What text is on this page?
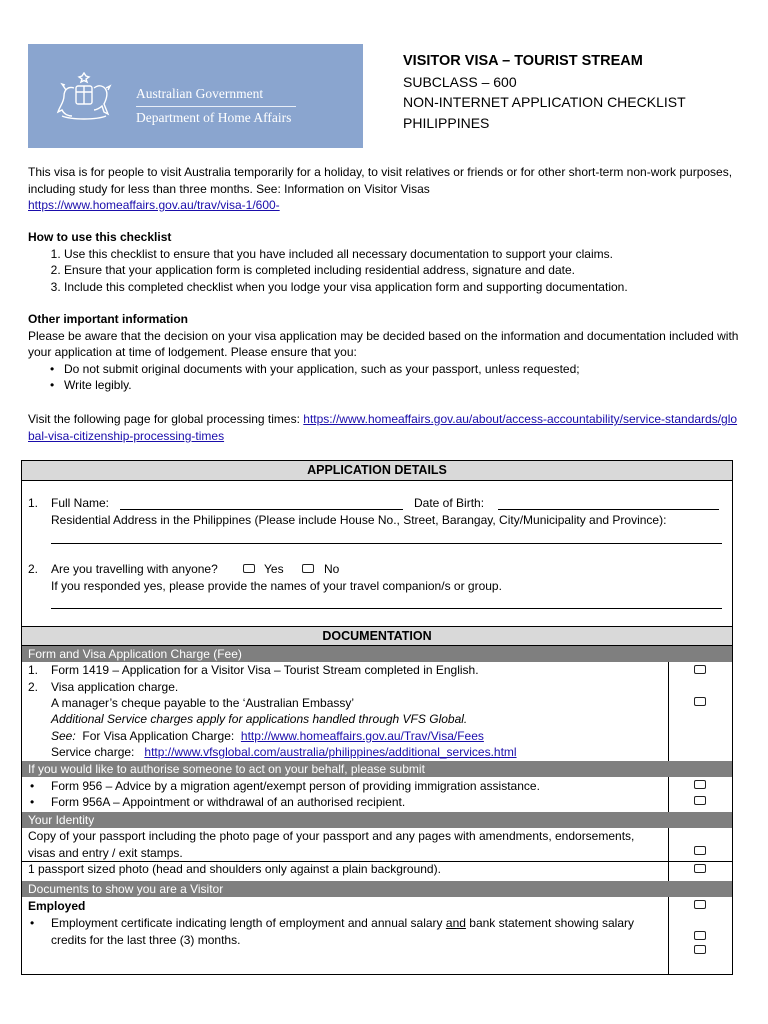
Australian Government
Department of Home Affairs
VISITOR VISA – TOURIST STREAM
SUBCLASS – 600
NON-INTERNET APPLICATION CHECKLIST
PHILIPPINES

This visa is for people to visit Australia temporarily for a holiday, to visit relatives or friends or for other short-term non-work purposes, including study for less than three months. See: Information on Visitor Visas
https://www.homeaffairs.gov.au/trav/visa-1/600-

How to use this checklist

1. Use this checklist to ensure that you have included all necessary documentation to support your claims.
2. Ensure that your application form is completed including residential address, signature and date.
3. Include this completed checklist when you lodge your visa application form and supporting documentation.

Other important information

Please be aware that the decision on your visa application may be decided based on the information and documentation included with your application at time of lodgement. Please ensure that you:

• Do not submit original documents with your application, such as your passport, unless requested;
• Write legibly.

Visit the following page for global processing times: https://www.homeaffairs.gov.au/about/access-accountability/service-standards/global-visa-citizenship-processing-times

APPLICATION DETAILS
1. Full Name:	Date of Birth:
Residential Address in the Philippines (Please include House No., Street, Barangay, City/Municipality and Province):
2. Are you travelling with anyone?	Yes	No
If you responded yes, please provide the names of your travel companion/s or group.
DOCUMENTATION
Form and Visa Application Charge (Fee)
1. Form 1419 – Application for a Visitor Visa – Tourist Stream completed in English.
2. Visa application charge.
A manager’s cheque payable to the ‘Australian Embassy’
Additional Service charges apply for applications handled through VFS Global.
See: For Visa Application Charge: http://www.homeaffairs.gov.au/Trav/Visa/Fees
Service charge: http://www.vfsglobal.com/australia/philippines/additional_services.html
If you would like to authorise someone to act on your behalf, please submit
• Form 956 – Advice by a migration agent/exempt person of providing immigration assistance.
• Form 956A – Appointment or withdrawal of an authorised recipient.
Your Identity
Copy of your passport including the photo page of your passport and any pages with amendments, endorsements, visas and entry / exit stamps.
1 passport sized photo (head and shoulders only against a plain background).
Documents to show you are a Visitor
Employed
• Employment certificate indicating length of employment and annual salary and bank statement showing salary credits for the last three (3) months.
